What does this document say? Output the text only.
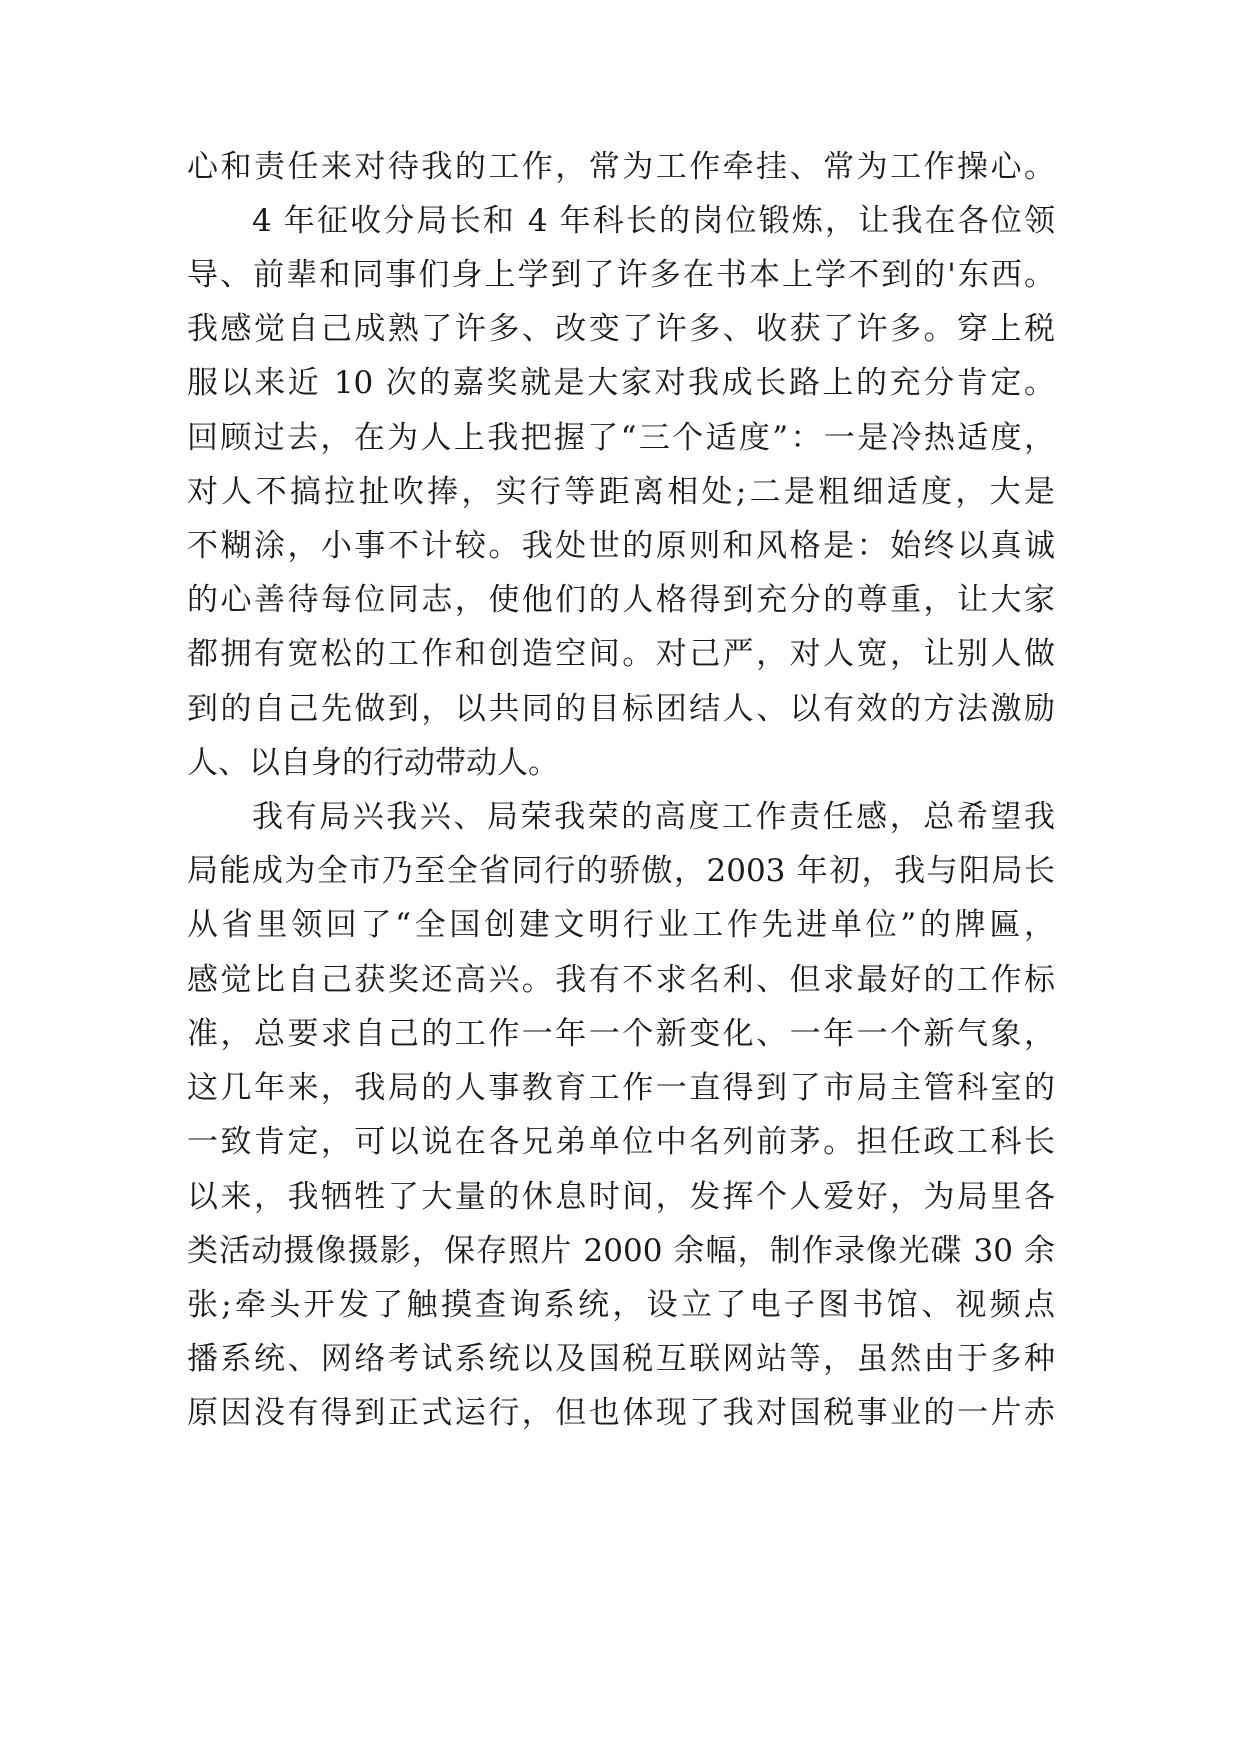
心和责任来对待我的工作，常为工作牵挂、常为工作操心。
4 年征收分局长和 4 年科长的岗位锻炼，让我在各位领
导、前辈和同事们身上学到了许多在书本上学不到的'东西。
我感觉自己成熟了许多、改变了许多、收获了许多。穿上税
服以来近 10 次的嘉奖就是大家对我成长路上的充分肯定。
回顾过去，在为人上我把握了“三个适度”：一是冷热适度，
对人不搞拉扯吹捧，实行等距离相处;二是粗细适度，大是
不糊涂，小事不计较。我处世的原则和风格是：始终以真诚
的心善待每位同志，使他们的人格得到充分的尊重，让大家
都拥有宽松的工作和创造空间。对己严，对人宽，让别人做
到的自己先做到，以共同的目标团结人、以有效的方法激励
人、以自身的行动带动人。
我有局兴我兴、局荣我荣的高度工作责任感，总希望我
局能成为全市乃至全省同行的骄傲，2003 年初，我与阳局长
从省里领回了“全国创建文明行业工作先进单位”的牌匾，
感觉比自己获奖还高兴。我有不求名利、但求最好的工作标
准，总要求自己的工作一年一个新变化、一年一个新气象，
这几年来，我局的人事教育工作一直得到了市局主管科室的
一致肯定，可以说在各兄弟单位中名列前茅。担任政工科长
以来，我牺牲了大量的休息时间，发挥个人爱好，为局里各
类活动摄像摄影，保存照片 2000 余幅，制作录像光碟 30 余
张;牵头开发了触摸查询系统，设立了电子图书馆、视频点
播系统、网络考试系统以及国税互联网站等，虽然由于多种
原因没有得到正式运行，但也体现了我对国税事业的一片赤
